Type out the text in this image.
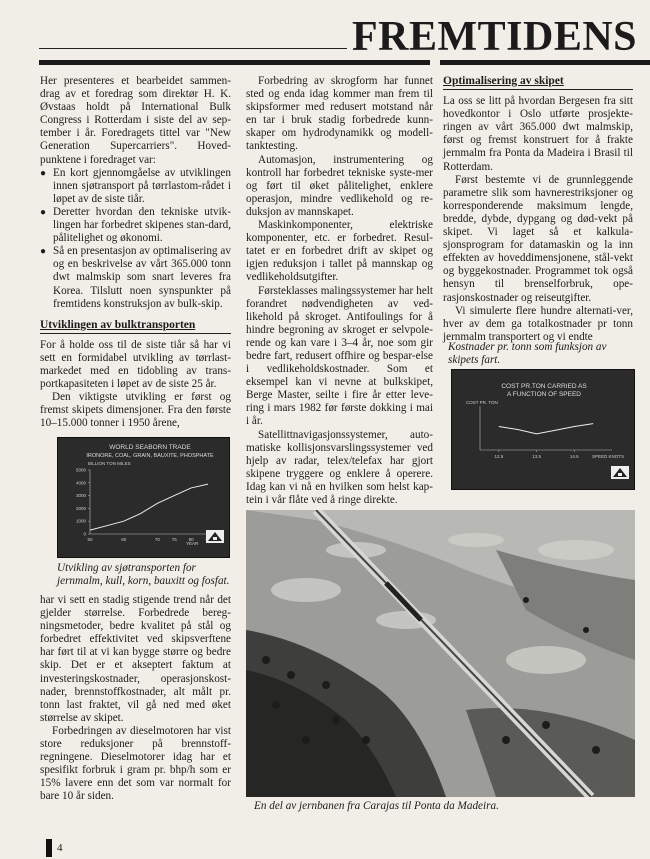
FREMTIDENS

Her presenteres et bearbeidet sammen-drag av et foredrag som direktør H. K. Øvstaas holdt på International Bulk Congress i Rotterdam i siste del av sep-tember i år. Foredragets tittel var "New Generation Supercarriers". Hoved-punktene i foredraget var:

● En kort gjennomgåelse av utviklingen innen sjøtransport på tørrlastom-rådet i løpet av de siste tiår.
● Deretter hvordan den tekniske utvik-lingen har forbedret skipenes stan-dard, pålitelighet og økonomi.
● Så en presentasjon av optimalisering av og en beskrivelse av vårt 365.000 tonn dwt malmskip som snart leveres fra Korea. Tilslutt noen synspunkter på fremtidens konstruksjon av bulk-skip.

Utviklingen av bulktransporten

For å holde oss til de siste tiår så har vi sett en formidabel utvikling av tørrlast-markedet med en tidobling av trans-portkapasiteten i løpet av de siste 25 år.

Den viktigste utvikling er først og fremst skipets dimensjoner. Fra den første 10–15.000 tonner i 1950 årene,

WORLD SEABORN TRADE
IRONORE, COAL, GRAIN, BAUXITE, PHOSPHATE
BILLION TON MILES
YEAR
5000
4000
3000
2000
1000
0
50	60	70	75	80
Utvikling av sjøtransporten for jernmalm, kull, korn, bauxitt og fosfat.

har vi sett en stadig stigende trend når det gjelder størrelse. Forbedrede bereg-ningsmetoder, bedre kvalitet på stål og forbedret effektivitet ved skipsverftene har ført til at vi kan bygge større og bedre skip. Det er et akseptert faktum at investeringskostnader, operasjonskost-nader, brennstoffkostnader, alt målt pr. tonn last fraktet, vil gå ned med øket størrelse av skipet.

Forbedringen av dieselmotoren har vist store reduksjoner på brennstoff-regningene. Dieselmotorer idag har et spesifikt forbruk i gram pr. bhp/h som er 15% lavere enn det som var normalt for bare 10 år siden.

Forbedring av skrogform har funnet sted og enda idag kommer man frem til skipsformer med redusert motstand når en tar i bruk stadig forbedrede kunn-skaper om hydrodynamikk og modell-tanktesting.

Automasjon, instrumentering og kontroll har forbedret tekniske syste-mer og ført til øket pålitelighet, enklere operasjon, mindre vedlikehold og re-duksjon av mannskapet.

Maskinkomponenter, elektriske komponenter, etc. er forbedret. Resul-tatet er en forbedret drift av skipet og igjen reduksjon i tallet på mannskap og vedlikeholdsutgifter.

Førsteklasses malingssystemer har helt forandret nødvendigheten av ved-likehold på skroget. Antifoulings for å hindre begroning av skroget er selvpole-rende og kan vare i 3–4 år, noe som gir bedre fart, redusert offhire og bespar-else i vedlikeholdskostnader. Som et eksempel kan vi nevne at bulkskipet, Berge Master, seilte i fire år etter leve-ring i mars 1982 før første dokking i mai i år.

Satellittnavigasjonssystemer, auto-matiske kollisjonsvarslingssystemer ved hjelp av radar, telex/telefax har gjort skipene tryggere og enklere å operere. Idag kan vi nå en hvilken som helst kap-tein i vår flåte ved å ringe direkte.

Optimalisering av skipet

La oss se litt på hvordan Bergesen fra sitt hovedkontor i Oslo utførte prosjekte-ringen av vårt 365.000 dwt malmskip, først og fremst konstruert for å frakte jernmalm fra Ponta da Madeira i Brasil til Rotterdam.

Først bestemte vi de grunnleggende parametre slik som havnerestriksjoner og korresponderende maksimum lengde, bredde, dybde, dypgang og død-vekt på skipet. Vi laget så et kalkula-sjonsprogram for datamaskin og la inn effekten av hoveddimensjonene, stål-vekt og byggekostnader. Programmet tok også hensyn til brenselforbruk, ope-rasjonskostnader og reiseutgifter.

Vi simulerte flere hundre alternati-ver, hver av dem ga totalkostnader pr tonn jernmalm transportert og vi endte

Kostnader pr. tonn som funksjon av skipets fart.
COST PR.TON CARRIED AS
A FUNCTION OF SPEED
COST PR. TON
SPEED KNOTS
12.5	13.5	14.5
En del av jernbanen fra Carajas til Ponta da Madeira.
4
